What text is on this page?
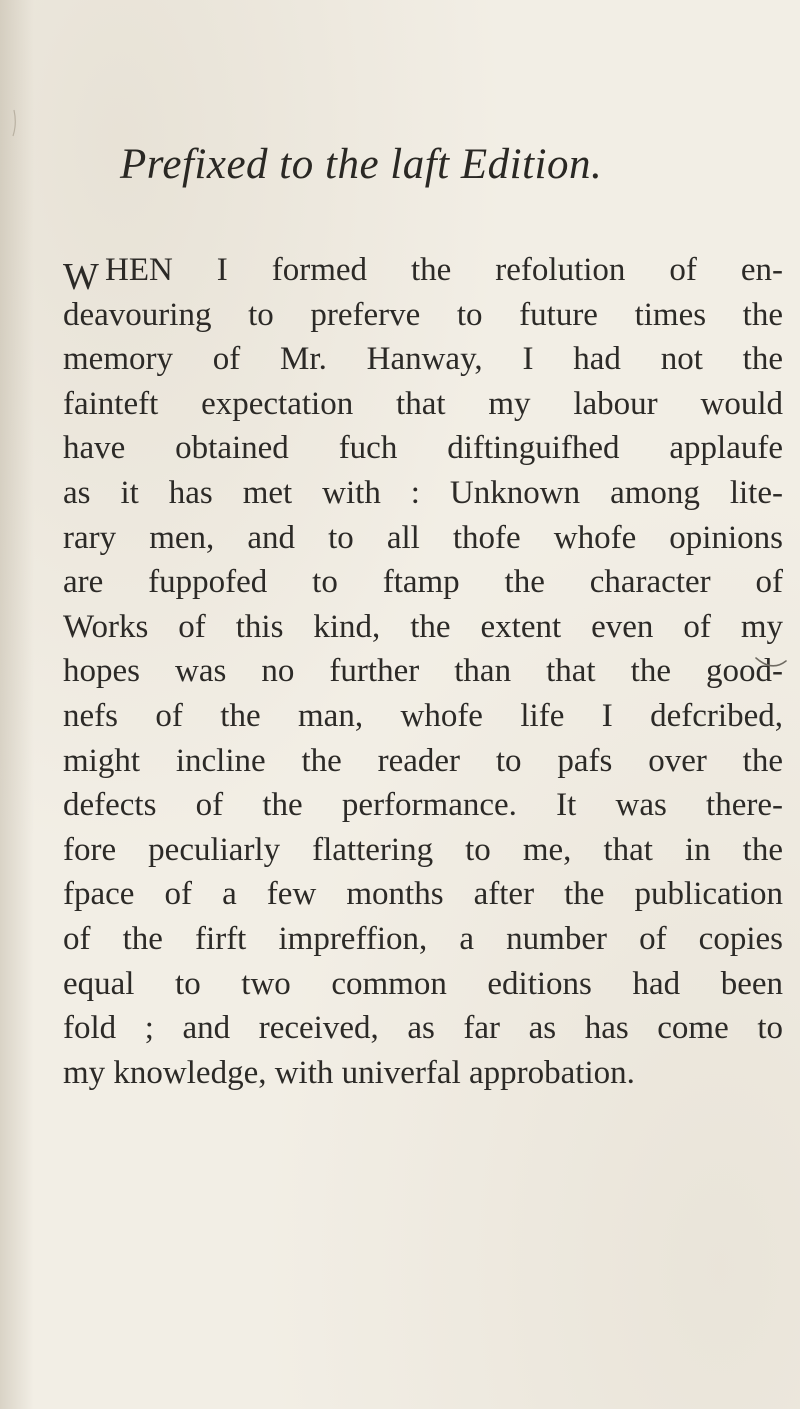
Prefixed to the laft Edition.
W HEN I formed the refolution of en-
deavouring to preferve to future times the
memory of Mr. Hanway, I had not the
fainteft expectation that my labour would
have obtained fuch diftinguifhed applaufe
as it has met with : Unknown among lite-
rary men, and to all thofe whofe opinions
are fuppofed to ftamp the character of
Works of this kind, the extent even of my
hopes was no further than that the good-
nefs of the man, whofe life I defcribed,
might incline the reader to pafs over the
defects of the performance. It was there-
fore peculiarly flattering to me, that in the
fpace of a few months after the publication
of the firft impreffion, a number of copies
equal to two common editions had been
fold ; and received, as far as has come to
my knowledge, with univerfal approbation.
